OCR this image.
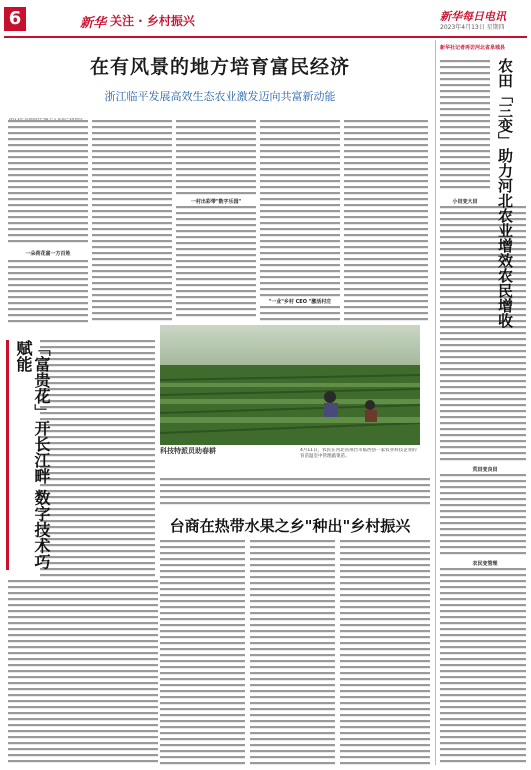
6	新华 关注 · 乡村振兴	新华每日电讯
2023年4月13日 星期四
在有风景的地方培育富民经济
浙江临平发展高效生态农业激发迈向共富新动能

一朵荷花富一方百姓
一村出彩带"数字乐园"
"一业"乡村 CEO "激活村庄
「富贵花」开长江畔 数字技术巧赋能
科技特派员助春耕	4月11日，农民在河北省邢台市临西县一家农业科技企业的育苗温室中管理蔬菜苗。
台商在热带水果之乡"种出"乡村振兴
新华社记者再访河北省阜城县
农田「三变」助力河北农业增效农民增收
小田变大田
荒田变良田
农民变管理
